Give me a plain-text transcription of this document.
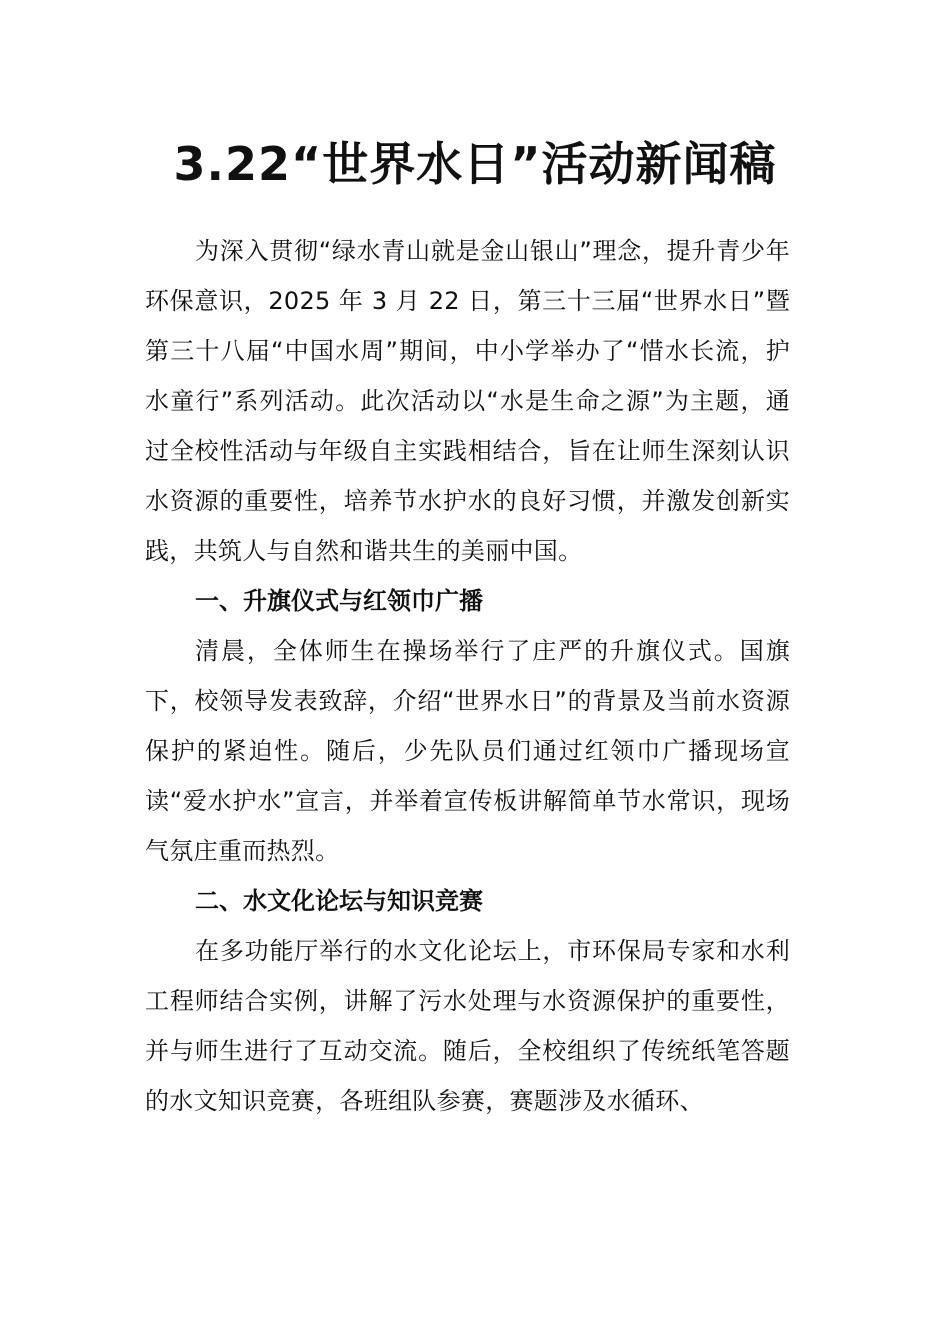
3.22“世界水日”活动新闻稿

为深入贯彻“绿水青山就是金山银山”理念，提升青少年环保意识，2025 年 3 月 22 日，第三十三届“世界水日”暨第三十八届“中国水周”期间，中小学举办了“惜水长流，护水童行”系列活动。此次活动以“水是生命之源”为主题，通过全校性活动与年级自主实践相结合，旨在让师生深刻认识水资源的重要性，培养节水护水的良好习惯，并激发创新实践，共筑人与自然和谐共生的美丽中国。

一、升旗仪式与红领巾广播

清晨，全体师生在操场举行了庄严的升旗仪式。国旗下，校领导发表致辞，介绍“世界水日”的背景及当前水资源保护的紧迫性。随后，少先队员们通过红领巾广播现场宣读“爱水护水”宣言，并举着宣传板讲解简单节水常识，现场气氛庄重而热烈。

二、水文化论坛与知识竞赛

在多功能厅举行的水文化论坛上，市环保局专家和水利工程师结合实例，讲解了污水处理与水资源保护的重要性，并与师生进行了互动交流。随后，全校组织了传统纸笔答题的水文知识竞赛，各班组队参赛，赛题涉及水循环、
